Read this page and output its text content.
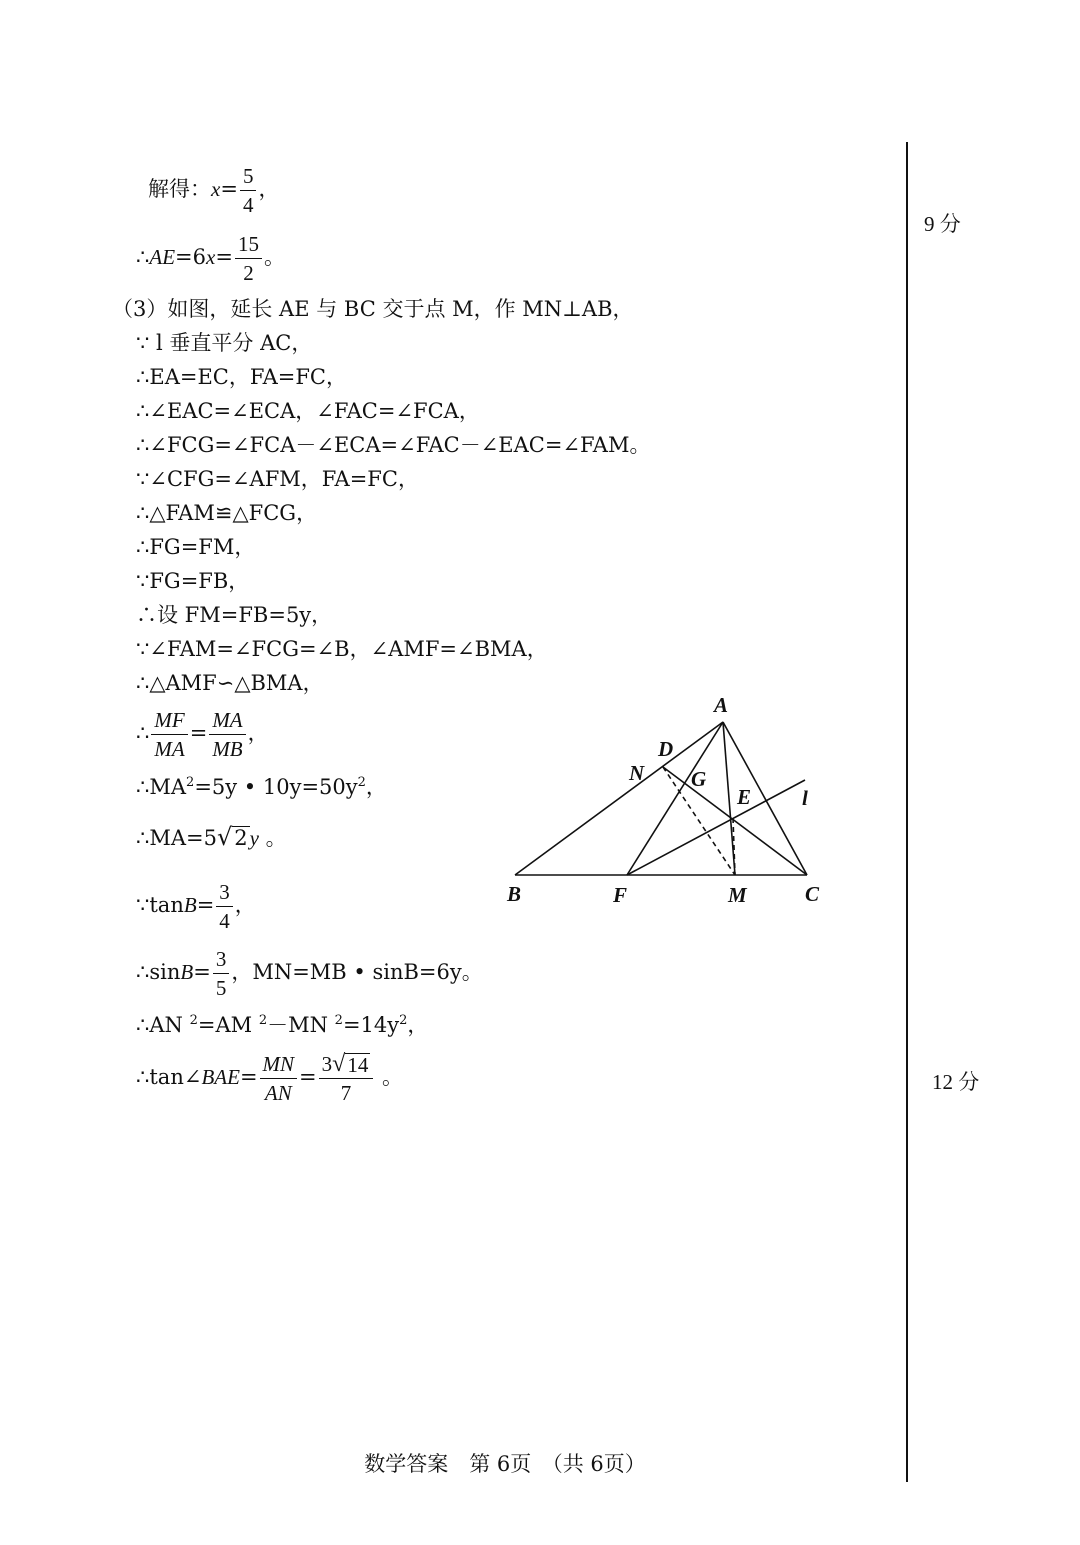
解得：$x= \frac{5}{4}$ ，
∴AE=6x= $\frac{15}{2}$ 。
（3）如图，延长 AE 与 BC 交于点 M，作 MN⊥AB，
∵ l 垂直平分 AC，
∴EA=EC，FA=FC，
∴∠EAC=∠ECA，∠FAC=∠FCA，
∴∠FCG=∠FCA－∠ECA=∠FAC－∠EAC=∠FAM。
∵∠CFG=∠AFM，FA=FC，
∴△FAM≌△FCG，
∴FG=FM，
∵FG=FB，
∴设 FM=FB=5y，
∵∠FAM=∠FCG=∠B，∠AMF=∠BMA，
∴△AMF∽△BMA，
∴ $\frac{MF}{MA} = \frac{MA}{MB}$ ，
$\therefore MA^2=5y$ • $10y=50y^2$，
∴MA=5 √ 2 y 。
∵tanB= $\frac{3}{4}$ ，
∴sinB= $\frac{3}{5}$ ，MN=MB • sinB=6y。
∴AN $^2$=AM $^2$－MN $^2=14y^2$，
∴tan∠BAE= $\frac{MN}{AN} = \frac{3 √ 14}{7}$ 。
9 分
12 分
A
B	C
D
E
F
G
M
N
l
数学答案　第 6页　（共 6页）
